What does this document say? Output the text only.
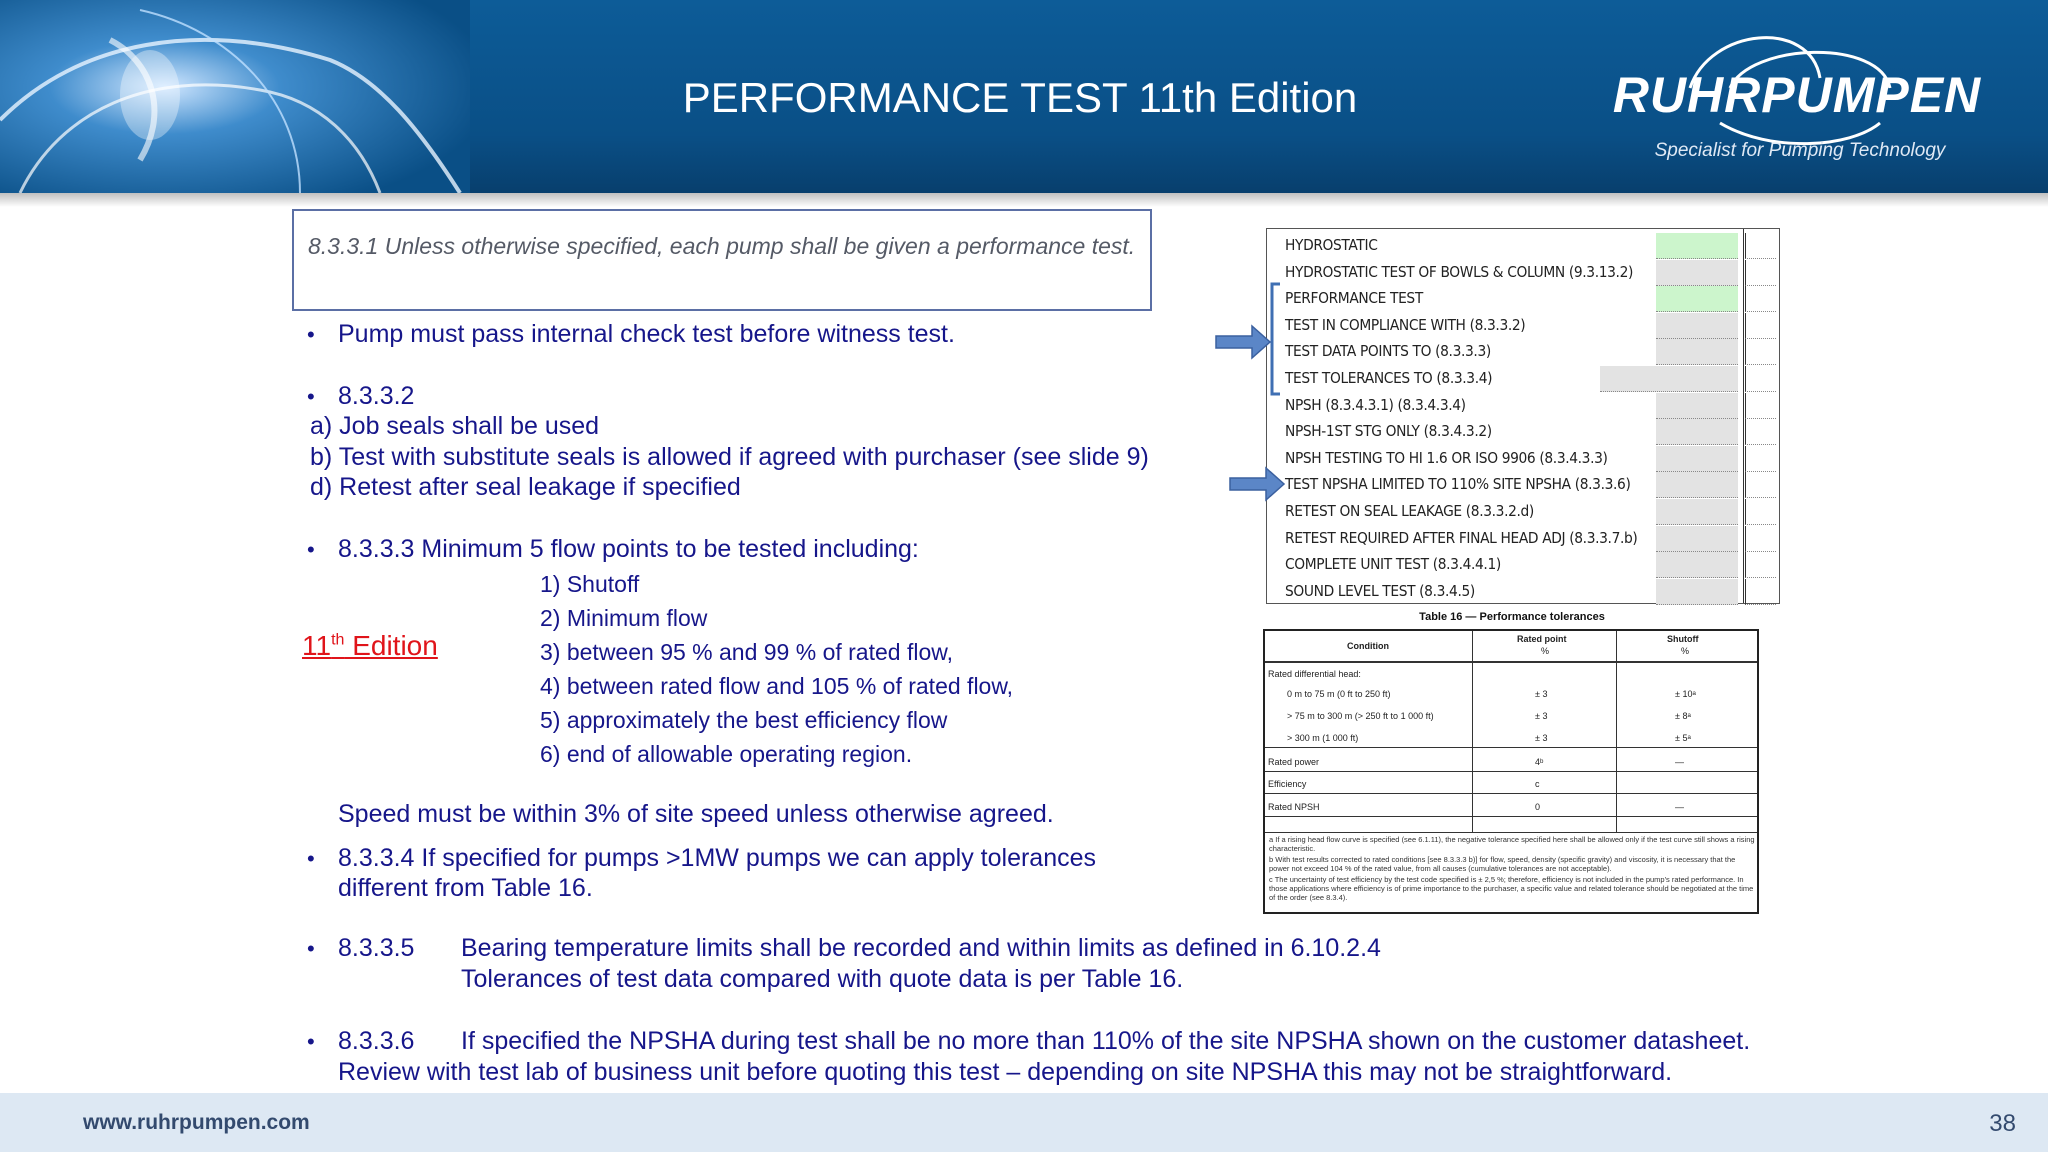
PERFORMANCE TEST 11th Edition	RUHRPUMPEN
Specialist for Pumping Technology
8.3.3.1 Unless otherwise specified, each pump shall be given a performance test.
• Pump must pass internal check test before witness test.
• 8.3.3.2
a) Job seals shall be used
b) Test with substitute seals is allowed if agreed with purchaser (see slide 9)
d) Retest after seal leakage if specified
• 8.3.3.3 Minimum 5 flow points to be tested including:
1) Shutoff
2) Minimum flow
3) between 95 % and 99 % of rated flow,
4) between rated flow and 105 % of rated flow,
5) approximately the best efficiency flow
6) end of allowable operating region.
11th Edition
Speed must be within 3% of site speed unless otherwise agreed.
• 8.3.3.4 If specified for pumps >1MW pumps we can apply tolerances
different from Table 16.
• 8.3.3.5 Bearing temperature limits shall be recorded and within limits as defined in 6.10.2.4
Tolerances of test data compared with quote data is per Table 16.
• 8.3.3.6 If specified the NPSHA during test shall be no more than 110% of the site NPSHA shown on the customer datasheet.
Review with test lab of business unit before quoting this test – depending on site NPSHA this may not be straightforward.
HYDROSTATIC
HYDROSTATIC TEST OF BOWLS & COLUMN (9.3.13.2)
PERFORMANCE TEST
TEST IN COMPLIANCE WITH (8.3.3.2)
TEST DATA POINTS TO (8.3.3.3)
TEST TOLERANCES TO (8.3.3.4)
NPSH (8.3.4.3.1) (8.3.4.3.4)
NPSH-1ST STG ONLY (8.3.4.3.2)
NPSH TESTING TO HI 1.6 OR ISO 9906 (8.3.4.3.3)
TEST NPSHA LIMITED TO 110% SITE NPSHA (8.3.3.6)
RETEST ON SEAL LEAKAGE (8.3.3.2.d)
RETEST REQUIRED AFTER FINAL HEAD ADJ (8.3.3.7.b)
COMPLETE UNIT TEST (8.3.4.4.1)
SOUND LEVEL TEST (8.3.4.5)
Table 16 — Performance tolerances
Condition
Rated point
%
Shutoff
%
Rated differential head:
0 m to 75 m (0 ft to 250 ft)	± 3	± 10ᵃ
> 75 m to 300 m (> 250 ft to 1 000 ft)	± 3	± 8ᵃ
> 300 m (1 000 ft)	± 3	± 5ᵃ
Rated power	4ᵇ	—
Efficiency	c
Rated NPSH	0	—
a If a rising head flow curve is specified (see 6.1.11), the negative tolerance specified here shall be allowed only if the test curve still shows a rising characteristic.
b With test results corrected to rated conditions [see 8.3.3.3 b)] for flow, speed, density (specific gravity) and viscosity, it is necessary that the power not exceed 104 % of the rated value, from all causes (cumulative tolerances are not acceptable).
c The uncertainty of test efficiency by the test code specified is ± 2,5 %; therefore, efficiency is not included in the pump's rated performance. In those applications where efficiency is of prime importance to the purchaser, a specific value and related tolerance should be negotiated at the time of the order (see 8.3.4).
www.ruhrpumpen.com	38
